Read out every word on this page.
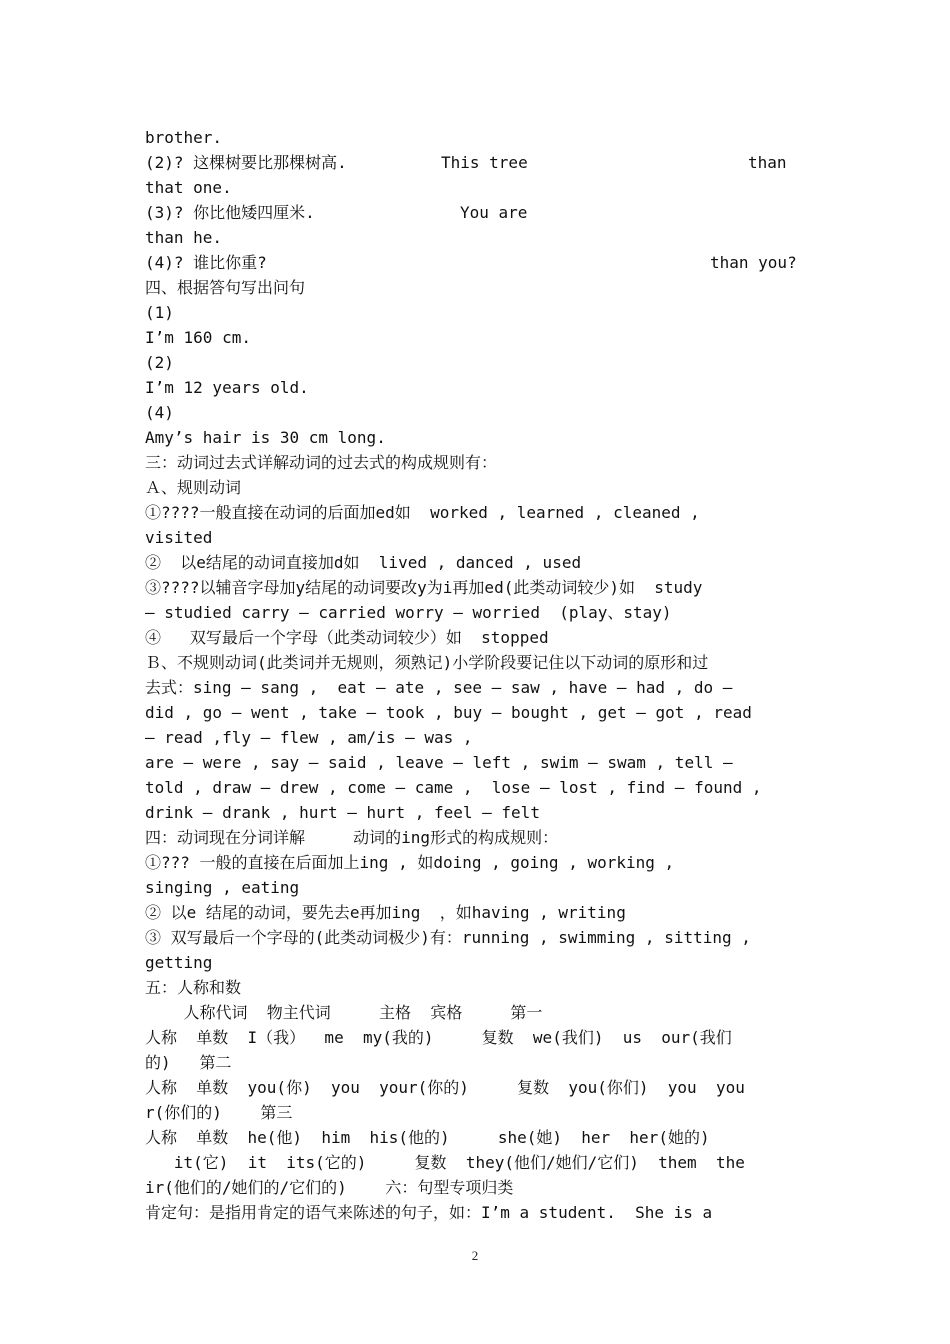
brother.

(2)? 这棵树要比那棵树高.

	This tree

	than

that one.

(3)? 你比他矮四厘米.

	You are

than he.

(4)? 谁比你重?

	than you?

四、根据答句写出问句
(1)
I’m 160 cm.
(2)
I’m 12 years old.
(4)
Amy’s hair is 30 cm long.
三：动词过去式详解动词的过去式的构成规则有：
Ａ、规则动词
①????一般直接在动词的后面加ed如  worked , learned , cleaned ,
visited
②  以e结尾的动词直接加d如  lived , danced , used
③????以辅音字母加y结尾的动词要改y为i再加ed(此类动词较少)如  study
– studied carry – carried worry – worried  (play、stay)
④   双写最后一个字母（此类动词较少）如  stopped
Ｂ、不规则动词(此类词并无规则，须熟记)小学阶段要记住以下动词的原形和过
去式：sing – sang ,  eat – ate , see – saw , have – had , do –
did , go – went , take – took , buy – bought , get – got , read
– read ,fly – flew , am/is – was ,
are – were , say – said , leave – left , swim – swam , tell –
told , draw – drew , come – came ,  lose – lost , find – found ,
drink – drank , hurt – hurt , feel – felt
四：动词现在分词详解     动词的ing形式的构成规则：
①??? 一般的直接在后面加上ing , 如doing , going , working ,
singing , eating
② 以e 结尾的动词，要先去e再加ing  ，如having , writing
③ 双写最后一个字母的(此类动词极少)有：running , swimming , sitting ,
getting
五：人称和数
人称代词  物主代词     主格  宾格     第一
人称  单数  I（我）  me  my(我的)     复数  we(我们)  us  our(我们
的)   第二
人称  单数  you(你)  you  your(你的)     复数  you(你们)  you  you
r(你们的)    第三
人称  单数  he(他)  him  his(他的)     she(她)  her  her(她的)
it(它)  it  its(它的)     复数  they(他们/她们/它们)  them  the
ir(他们的/她们的/它们的)    六：句型专项归类
肯定句：是指用肯定的语气来陈述的句子，如：I’m a student.  She is a
2
